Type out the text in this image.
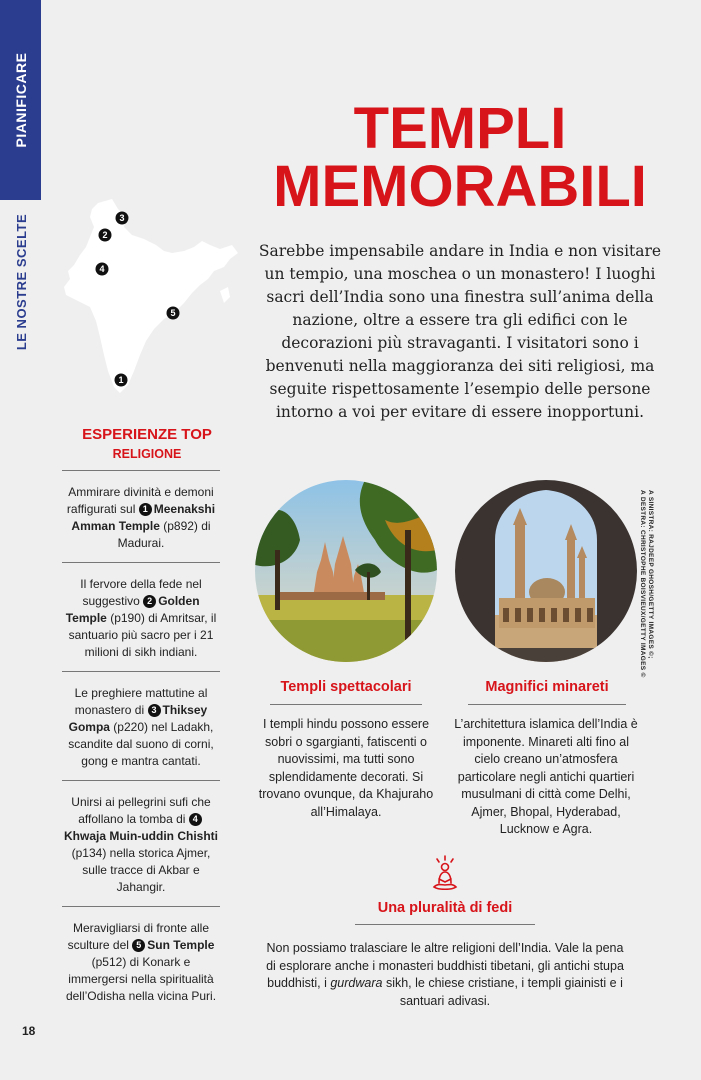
PIANIFICARE
LE NOSTRE SCELTE
TEMPLI
MEMORABILI
Sarebbe impensabile andare in India e non visitare un tempio, una moschea o un monastero! I luoghi sacri dell’India sono una finestra sull’anima della nazione, oltre a essere tra gli edifici con le decorazioni più stravaganti. I visitatori sono i benvenuti nella maggioranza dei siti religiosi, ma seguite rispettosamente l’esempio delle persone intorno a voi per evitare di essere inopportuni.
3
2
4
5
1
ESPERIENZE TOP
RELIGIONE
Ammirare divinità e demoni raffigurati sul 1 Meenakshi Amman Temple (p892) di Madurai.
Il fervore della fede nel suggestivo 2 Golden Temple (p190) di Amritsar, il santuario più sacro per i 21 milioni di sikh indiani.
Le preghiere mattutine al monastero di 3 Thiksey Gompa (p220) nel Ladakh, scandite dal suono di corni, gong e mantra cantati.
Unirsi ai pellegrini sufi che affollano la tomba di 4Khwaja Muin-uddin Chishti (p134) nella storica Ajmer, sulle tracce di Akbar e Jahangir.
Meravigliarsi di fronte alle sculture del 5 Sun Temple (p512) di Konark e immergersi nella spiritualità dell’Odisha nella vicina Puri.
A SINISTRA: RAJDEEP GHOSH/GETTY IMAGES ©;
A DESTRA: CHRISTOPHE BOISVIEUX/GETTY IMAGES ©
Templi spettacolari
I templi hindu possono essere sobri o sgargianti, fatiscenti o nuovissimi, ma tutti sono splendidamente decorati. Si trovano ovunque, da Khajuraho all’Himalaya.
Magnifici minareti
L’architettura islamica dell’India è imponente. Minareti alti fino al cielo creano un’atmosfera particolare negli antichi quartieri musulmani di città come Delhi, Ajmer, Bhopal, Hyderabad, Lucknow e Agra.
Una pluralità di fedi
Non possiamo tralasciare le altre religioni dell’India. Vale la pena di esplorare anche i monasteri buddhisti tibetani, gli antichi stupa buddhisti, i gurdwara sikh, le chiese cristiane, i templi giainisti e i santuari adivasi.
18
